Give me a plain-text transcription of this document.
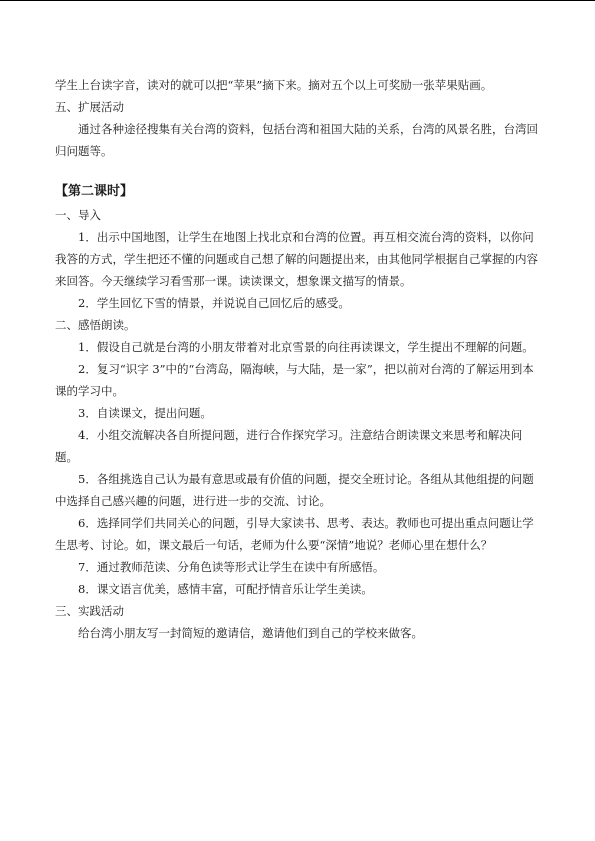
学生上台读字音，读对的就可以把“苹果”摘下来。摘对五个以上可奖励一张苹果贴画。

五、扩展活动

通过各种途径搜集有关台湾的资料，包括台湾和祖国大陆的关系，台湾的风景名胜，台湾回归问题等。

【第二课时】

一、导入

1．出示中国地图，让学生在地图上找北京和台湾的位置。再互相交流台湾的资料，以你问我答的方式，学生把还不懂的问题或自己想了解的问题提出来，由其他同学根据自己掌握的内容来回答。今天继续学习看雪那一课。读读课文，想象课文描写的情景。

2．学生回忆下雪的情景，并说说自己回忆后的感受。

二、感悟朗读。

1．假设自己就是台湾的小朋友带着对北京雪景的向往再读课文，学生提出不理解的问题。

2．复习“识字 3”中的“台湾岛，隔海峡，与大陆，是一家”，把以前对台湾的了解运用到本课的学习中。

3．自读课文，提出问题。

4．小组交流解决各自所提问题，进行合作探究学习。注意结合朗读课文来思考和解决问题。

5．各组挑选自己认为最有意思或最有价值的问题，提交全班讨论。各组从其他组提的问题中选择自己感兴趣的问题，进行进一步的交流、讨论。

6．选择同学们共同关心的问题，引导大家读书、思考、表达。教师也可提出重点问题让学生思考、讨论。如，课文最后一句话，老师为什么要“深情”地说？老师心里在想什么？

7．通过教师范读、分角色读等形式让学生在读中有所感悟。

8．课文语言优美，感情丰富，可配抒情音乐让学生美读。

三、实践活动

给台湾小朋友写一封简短的邀请信，邀请他们到自己的学校来做客。
